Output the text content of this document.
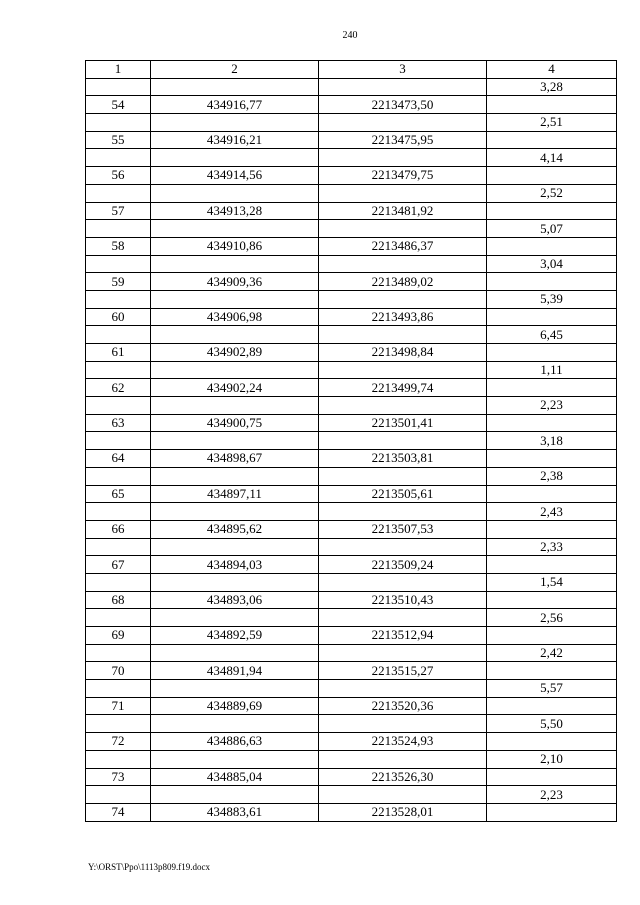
240
1	2	3	4
			3,28
54	434916,77	2213473,50	
			2,51
55	434916,21	2213475,95	
			4,14
56	434914,56	2213479,75	
			2,52
57	434913,28	2213481,92	
			5,07
58	434910,86	2213486,37	
			3,04
59	434909,36	2213489,02	
			5,39
60	434906,98	2213493,86	
			6,45
61	434902,89	2213498,84	
			1,11
62	434902,24	2213499,74	
			2,23
63	434900,75	2213501,41	
			3,18
64	434898,67	2213503,81	
			2,38
65	434897,11	2213505,61	
			2,43
66	434895,62	2213507,53	
			2,33
67	434894,03	2213509,24	
			1,54
68	434893,06	2213510,43	
			2,56
69	434892,59	2213512,94	
			2,42
70	434891,94	2213515,27	
			5,57
71	434889,69	2213520,36	
			5,50
72	434886,63	2213524,93	
			2,10
73	434885,04	2213526,30	
			2,23
74	434883,61	2213528,01	
Y:\ORST\Ppo\1113p809.f19.docx
